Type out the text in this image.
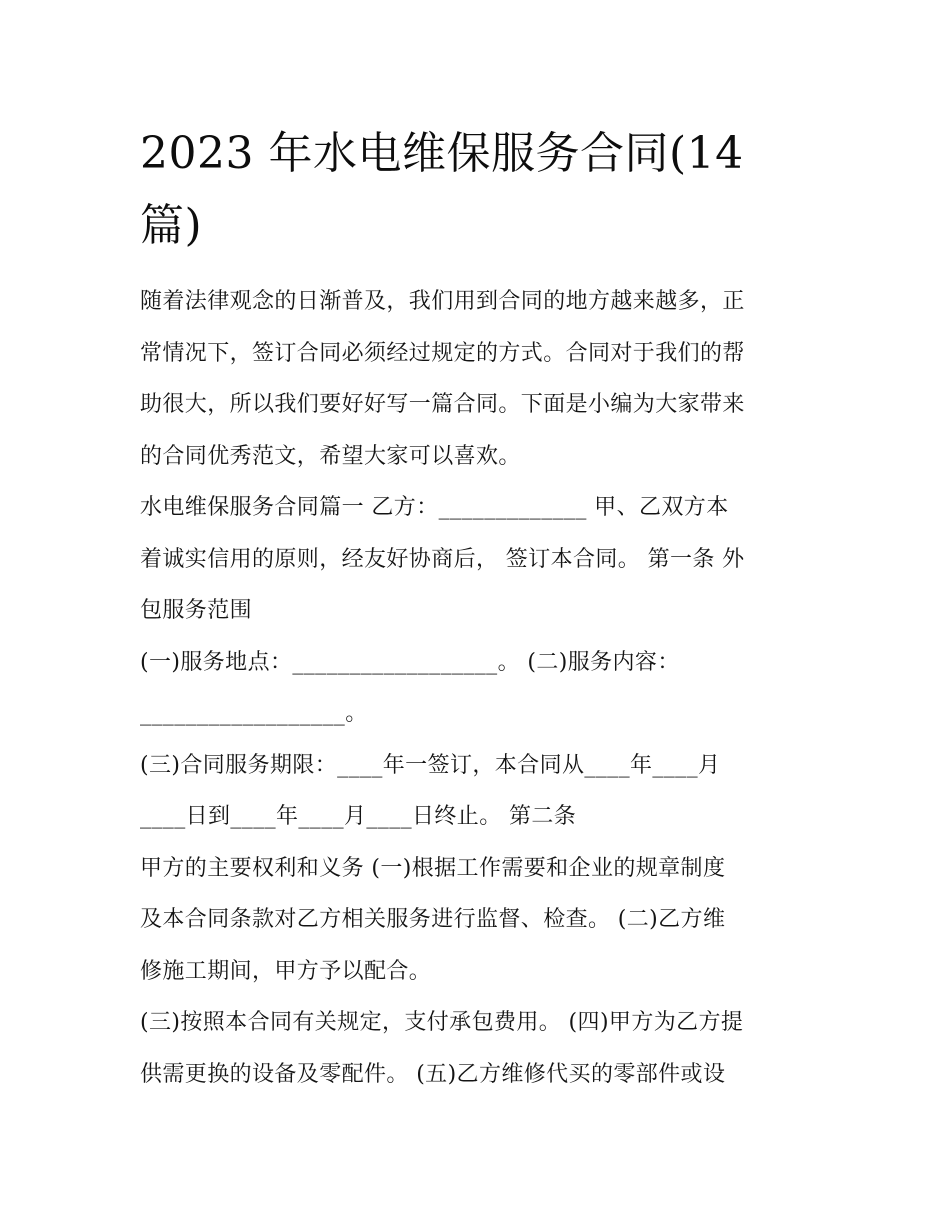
2023 年水电维保服务合同(14
篇)

随着法律观念的日渐普及，我们用到合同的地方越来越多，正

常情况下，签订合同必须经过规定的方式。合同对于我们的帮

助很大，所以我们要好好写一篇合同。下面是小编为大家带来

的合同优秀范文，希望大家可以喜欢。

水电维保服务合同篇一 乙方：_____________ 甲、乙双方本

着诚实信用的原则，经友好协商后， 签订本合同。 第一条 外

包服务范围

(一)服务地点：__________________。 (二)服务内容：

__________________。

(三)合同服务期限：____年一签订，本合同从____年____月

____日到____年____月____日终止。 第二条

甲方的主要权利和义务 (一)根据工作需要和企业的规章制度

及本合同条款对乙方相关服务进行监督、检查。 (二)乙方维

修施工期间，甲方予以配合。

(三)按照本合同有关规定，支付承包费用。 (四)甲方为乙方提

供需更换的设备及零配件。 (五)乙方维修代买的零部件或设
